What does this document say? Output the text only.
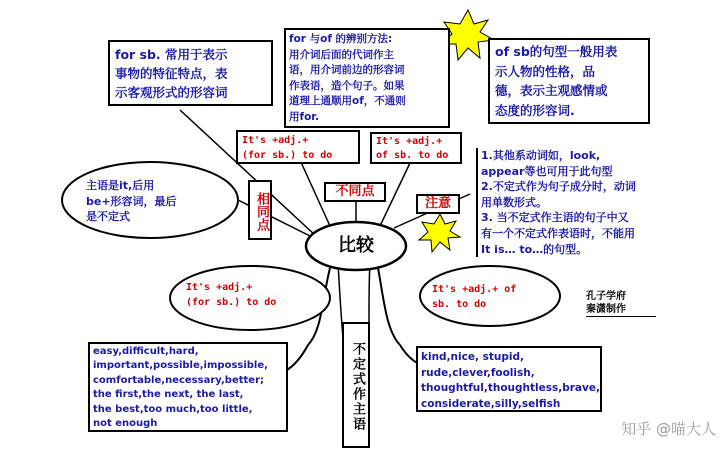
for sb. 常用于表示
事物的特征特点，表
示客观形式的形容词
for 与of 的辨别方法:
用介词后面的代词作主
语，用介词前边的形容词
作表语，造个句子。如果
道理上通顺用of，不通则
用for.
of sb的句型一般用表
示人物的性格，品
德，表示主观感情或
态度的形容词.
It's +adj.+
(for sb.) to do
It's +adj.+
of sb. to do
不同点
相同点	注意
比较
主语是it,后用
be+形容词，最后
是不定式
1.其他系动词如，look,
appear等也可用于此句型
2.不定式作为句子成分时，动词
用单数形式。
3. 当不定式作主语的句子中又
有一个不定式作表语时，不能用
It is… to…的句型。
It's +adj.+
(for sb.) to do
It's +adj.+ of
sb. to do
孔子学府
秦潇制作
不定式作主语
easy,difficult,hard,
important,possible,impossible,
comfortable,necessary,better;
the first,the next, the last,
the best,too much,too little,
not enough
kind,nice, stupid,
rude,clever,foolish,
thoughtful,thoughtless,brave,
considerate,silly,selfish
知乎 @喵大人
